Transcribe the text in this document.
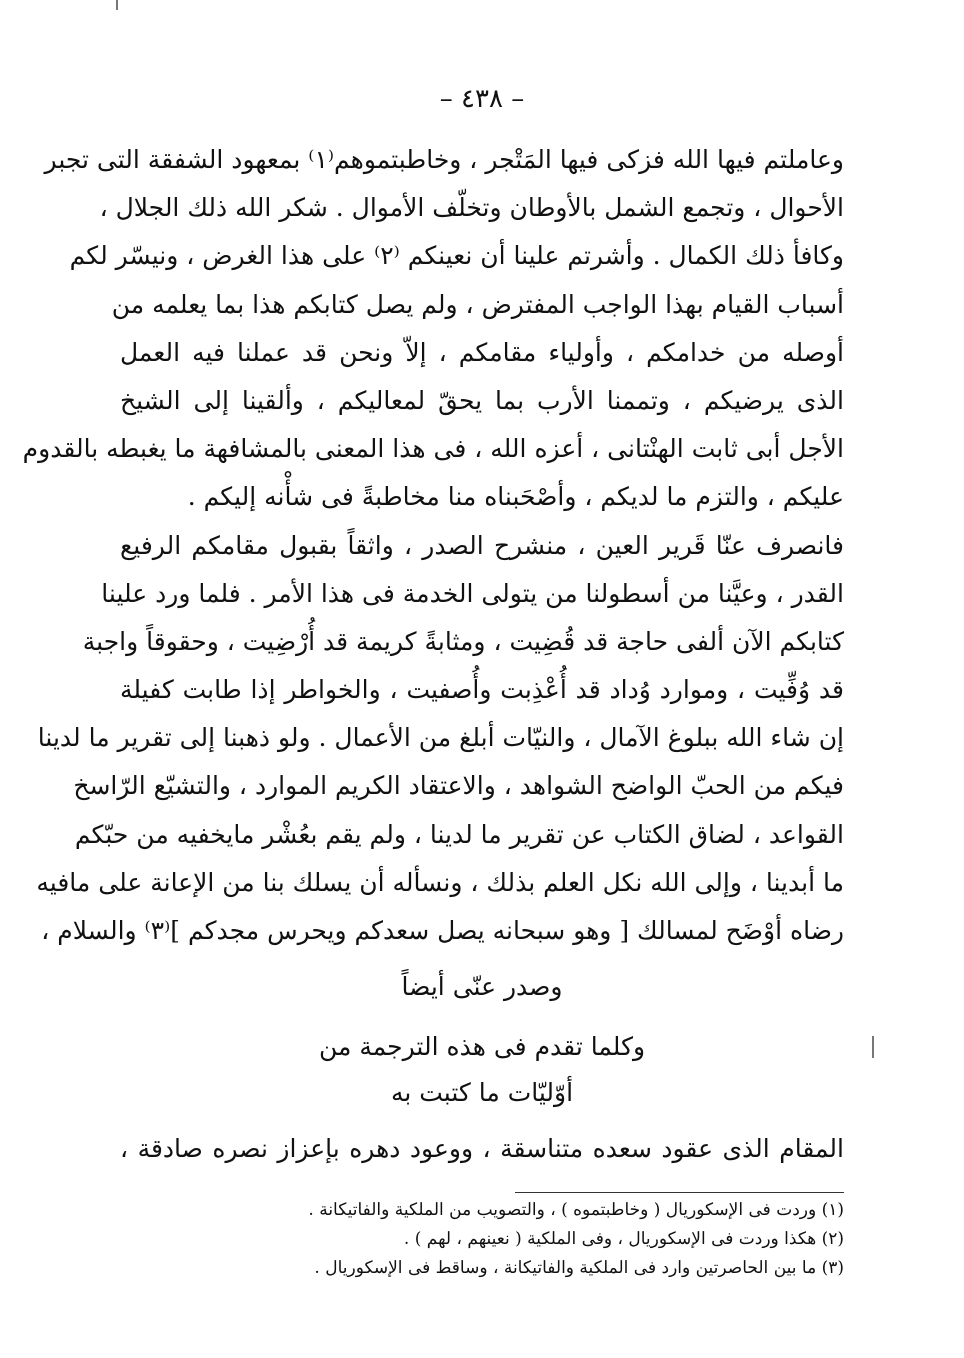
– ٤٣٨ –
وعاملتم فيها الله فزكى فيها المَتْجر ، وخاطبتموهم⁽١⁾ بمعهود الشفقة التى تجبر
الأحوال ، وتجمع الشمل بالأوطان وتخلّف الأموال . شكر الله ذلك الجلال ،
وكافأ ذلك الكمال . وأشرتم علينا أن نعينكم ⁽٢⁾ على هذا الغرض ، ونيسّر لكم
أسباب القيام بهذا الواجب المفترض ، ولم يصل كتابكم هذا بما يعلمه من
أوصله من خدامكم ، وأولياء مقامكم ، إلاّ ونحن قد عملنا فيه العمل
الذى يرضيكم ، وتممنا الأرب بما يحقّ لمعاليكم ، وألقينا إلى الشيخ
الأجل أبى ثابت الهنْتانى ، أعزه الله ، فى هذا المعنى بالمشافهة ما يغبطه بالقدوم
عليكم ، والتزم ما لديكم ، وأصْحَبناه منا مخاطبةً فى شأْنه إليكم .
فانصرف عنّا قَرير العين ، منشرح الصدر ، واثقاً بقبول مقامكم الرفيع
القدر ، وعيَّنا من أسطولنا من يتولى الخدمة فى هذا الأمر . فلما ورد علينا
كتابكم الآن ألفى حاجة قد قُضِيت ، ومثابةً كريمة قد أُرْضِيت ، وحقوقاً واجبة
قد وُفِّيت ، وموارد وُداد قد أُعْذِبت وأُصفيت ، والخواطر إذا طابت كفيلة
إن شاء الله ببلوغ الآمال ، والنيّات أبلغ من الأعمال . ولو ذهبنا إلى تقرير ما لدينا
فيكم من الحبّ الواضح الشواهد ، والاعتقاد الكريم الموارد ، والتشيّع الرّاسخ
القواعد ، لضاق الكتاب عن تقرير ما لدينا ، ولم يقم بعُشْر مايخفيه من حبّكم
ما أبدينا ، وإلى الله نكل العلم بذلك ، ونسأله أن يسلك بنا من الإعانة على مافيه
رضاه أوْضَح لمسالك [ وهو سبحانه يصل سعدكم ويحرس مجدكم ]⁽٣⁾ والسلام ،
وصدر عنّى أيضاً
وكلما تقدم فى هذه الترجمة من
أوّليّات ما كتبت به
المقام الذى عقود سعده متناسقة ، ووعود دهره بإعزاز نصره صادقة ،
(١) وردت فى الإسكوريال ( وخاطبتموه ) ، والتصويب من الملكية والفاتيكانة .
(٢) هكذا وردت فى الإسكوريال ، وفى الملكية ( نعينهم ، لهم ) .
(٣) ما بين الحاصرتين وارد فى الملكية والفاتيكانة ، وساقط فى الإسكوريال .
